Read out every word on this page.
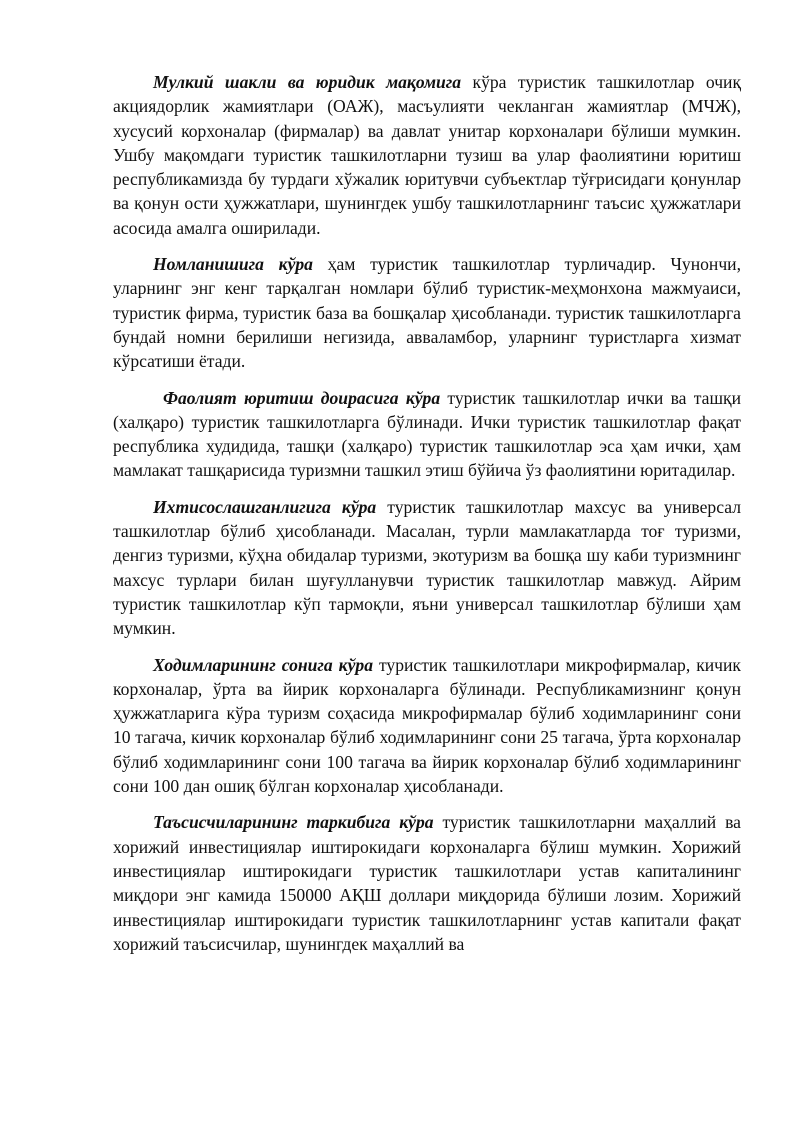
Мулкий шакли ва юридик мақомига кўра туристик ташкилотлар очиқ акциядорлик жамиятлари (ОАЖ), масъулияти чекланган жамиятлар (МЧЖ), хусусий корхоналар (фирмалар) ва давлат унитар корхоналари бўлиши мумкин. Ушбу мақомдаги туристик ташкилотларни тузиш ва улар фаолиятини юритиш республикамизда бу турдаги хўжалик юритувчи субъектлар тўғрисидаги қонунлар ва қонун ости ҳужжатлари, шунингдек ушбу ташкилотларнинг таъсис ҳужжатлари асосида амалга оширилади.

Номланишига кўра ҳам туристик ташкилотлар турличадир. Чунончи, уларнинг энг кенг тарқалган номлари бўлиб туристик-меҳмонхона мажмуаиси, туристик фирма, туристик база ва бошқалар ҳисобланади. туристик ташкилотларга бундай номни берилиши негизида, аввaламбор, уларнинг туристларга хизмат кўрсатиши ётади.

Фаолият юритиш доирасига кўра туристик ташкилотлар ички ва ташқи (халқаро) туристик ташкилотларга бўлинади. Ички туристик ташкилотлар фақат республика худидида, ташқи (халқаро) туристик ташкилотлар эса ҳам ички, ҳам мамлакат ташқарисида туризмни ташкил этиш бўйича ўз фаолиятини юритадилар.

Ихтисослашганлигига кўра туристик ташкилотлар махсус ва универсал ташкилотлар бўлиб ҳисобланади. Масалан, турли мамлакатларда тоғ туризми, денгиз туризми, кўҳна обидалар туризми, экотуризм ва бошқа шу каби туризмнинг махсус турлари билан шуғулланувчи туристик ташкилотлар мавжуд. Айрим туристик ташкилотлар кўп тармоқли, яъни универсал ташкилотлар бўлиши ҳам мумкин.

Ходимларининг сонига кўра туристик ташкилотлари микрофирмалар, кичик корхоналар, ўрта ва йирик корхоналарга бўлинади. Республикамизнинг қонун ҳужжатларига кўра туризм соҳасида микрофирмалар бўлиб ходимларининг сони 10 тагача, кичик корхоналар бўлиб ходимларининг сони 25 тагача, ўрта корхоналар бўлиб ходимларининг сони 100 тагача ва йирик корхоналар бўлиб ходимларининг сони 100 дан ошиқ бўлган корхоналар ҳисобланади.

Таъсисчиларининг таркибига кўра туристик ташкилотларни маҳаллий ва хорижий инвестициялар иштирокидаги корхоналарга бўлиш мумкин. Хорижий инвестициялар иштирокидаги туристик ташкилотлари устав капиталининг миқдори энг камида 150000 АҚШ доллари миқдорида бўлиши лозим. Хорижий инвестициялар иштирокидаги туристик ташкилотларнинг устав капитали фақат хорижий таъсисчилар, шунингдек маҳаллий ва
